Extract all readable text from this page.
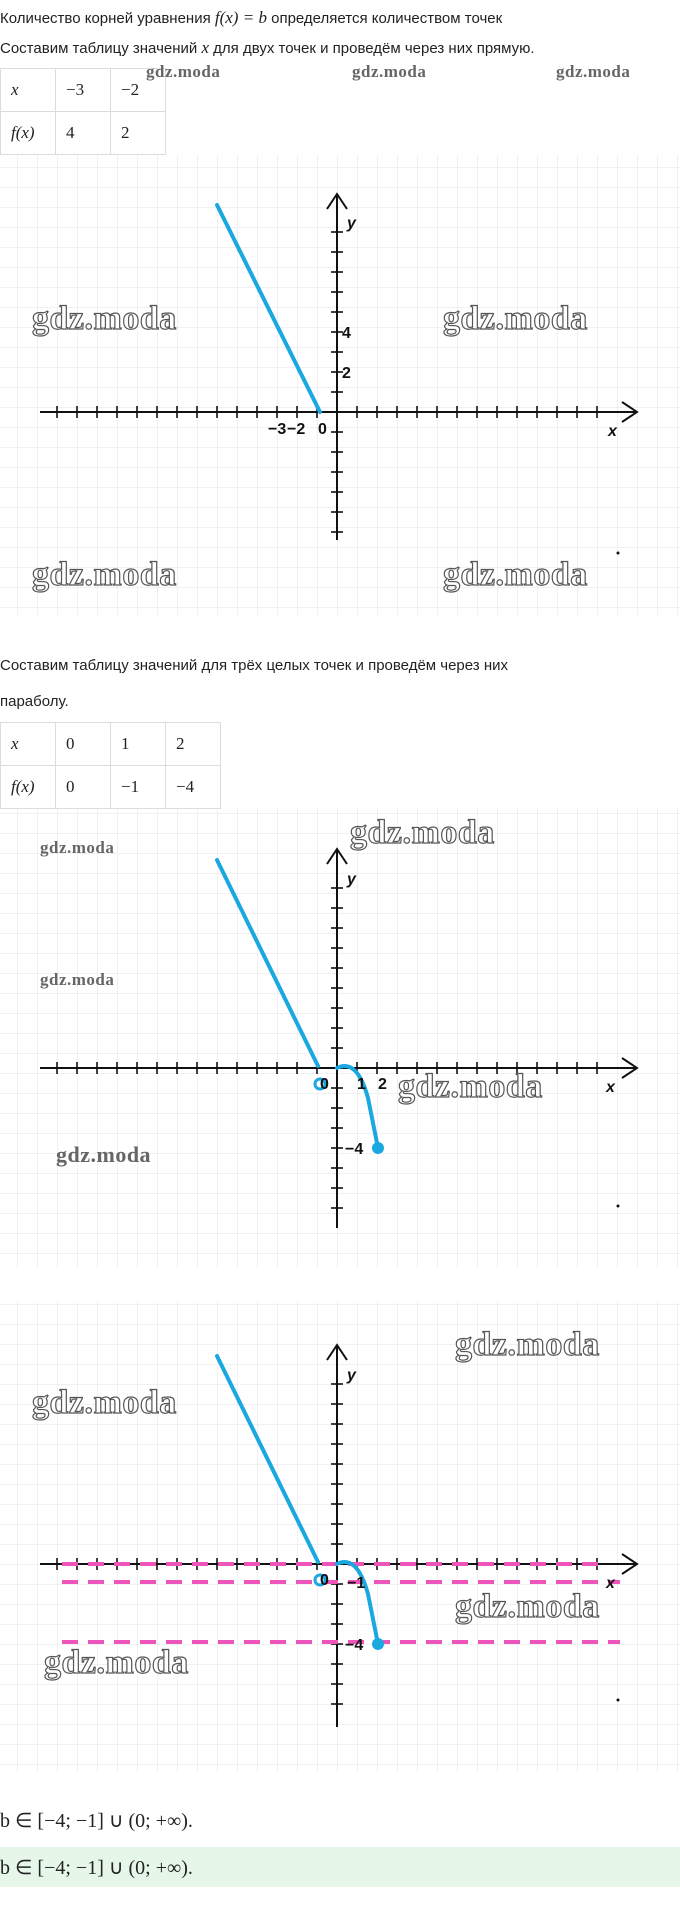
Количество корней уравнения f(x) = b определяется количеством точек
Составим таблицу значений x для двух точек и проведём через них прямую.
x	−3	−2
f(x)	4	2
y
x
4
2
−3 −2 0
Составим таблицу значений для трёх целых точек и проведём через них
параболу.
x	0	1	2
f(x)	0	−1	−4
y
x
0 1 2
−4
y
x
0 −1
−4
b ∈ [−4; −1] ∪ (0; +∞).
b ∈ [−4; −1] ∪ (0; +∞).
gdz.moda	gdz.moda	gdz.moda
gdz.moda	gdz.moda
gdz.moda	gdz.moda
gdz.moda	gdz.moda
gdz.moda
gdz.moda
gdz.moda
gdz.moda
gdz.moda
gdz.moda
gdz.moda
